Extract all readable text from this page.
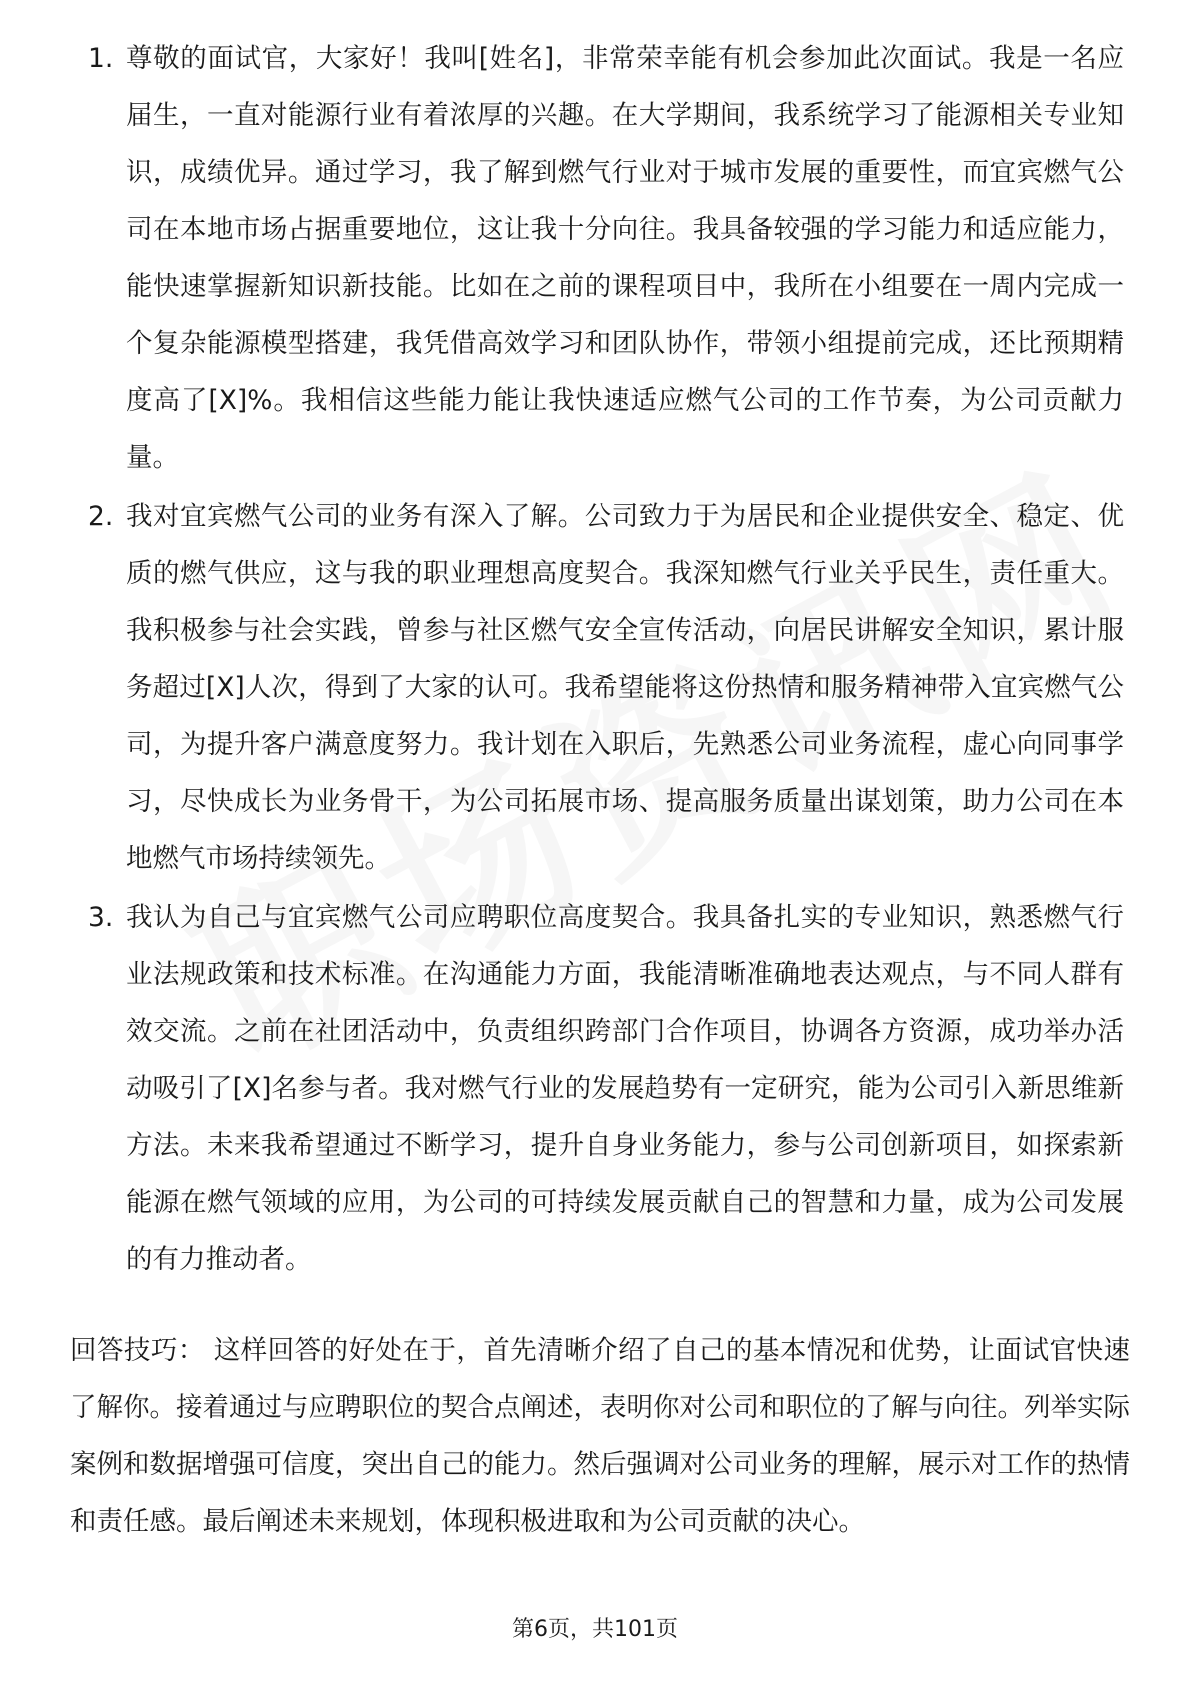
1. 尊敬的面试官，大家好！我叫[姓名]，非常荣幸能有机会参加此次面试。我是一名应届生，一直对能源行业有着浓厚的兴趣。在大学期间，我系统学习了能源相关专业知识，成绩优异。通过学习，我了解到燃气行业对于城市发展的重要性，而宜宾燃气公司在本地市场占据重要地位，这让我十分向往。我具备较强的学习能力和适应能力，能快速掌握新知识新技能。比如在之前的课程项目中，我所在小组要在一周内完成一个复杂能源模型搭建，我凭借高效学习和团队协作，带领小组提前完成，还比预期精度高了[X]%。我相信这些能力能让我快速适应燃气公司的工作节奏，为公司贡献力量。
2. 我对宜宾燃气公司的业务有深入了解。公司致力于为居民和企业提供安全、稳定、优质的燃气供应，这与我的职业理想高度契合。我深知燃气行业关乎民生，责任重大。我积极参与社会实践，曾参与社区燃气安全宣传活动，向居民讲解安全知识，累计服务超过[X]人次，得到了大家的认可。我希望能将这份热情和服务精神带入宜宾燃气公司，为提升客户满意度努力。我计划在入职后，先熟悉公司业务流程，虚心向同事学习，尽快成长为业务骨干，为公司拓展市场、提高服务质量出谋划策，助力公司在本地燃气市场持续领先。
3. 我认为自己与宜宾燃气公司应聘职位高度契合。我具备扎实的专业知识，熟悉燃气行业法规政策和技术标准。在沟通能力方面，我能清晰准确地表达观点，与不同人群有效交流。之前在社团活动中，负责组织跨部门合作项目，协调各方资源，成功举办活动吸引了[X]名参与者。我对燃气行业的发展趋势有一定研究，能为公司引入新思维新方法。未来我希望通过不断学习，提升自身业务能力，参与公司创新项目，如探索新能源在燃气领域的应用，为公司的可持续发展贡献自己的智慧和力量，成为公司发展的有力推动者。

回答技巧： 这样回答的好处在于，首先清晰介绍了自己的基本情况和优势，让面试官快速了解你。接着通过与应聘职位的契合点阐述，表明你对公司和职位的了解与向往。列举实际案例和数据增强可信度，突出自己的能力。然后强调对公司业务的理解，展示对工作的热情和责任感。最后阐述未来规划，体现积极进取和为公司贡献的决心。

第6页，共101页
